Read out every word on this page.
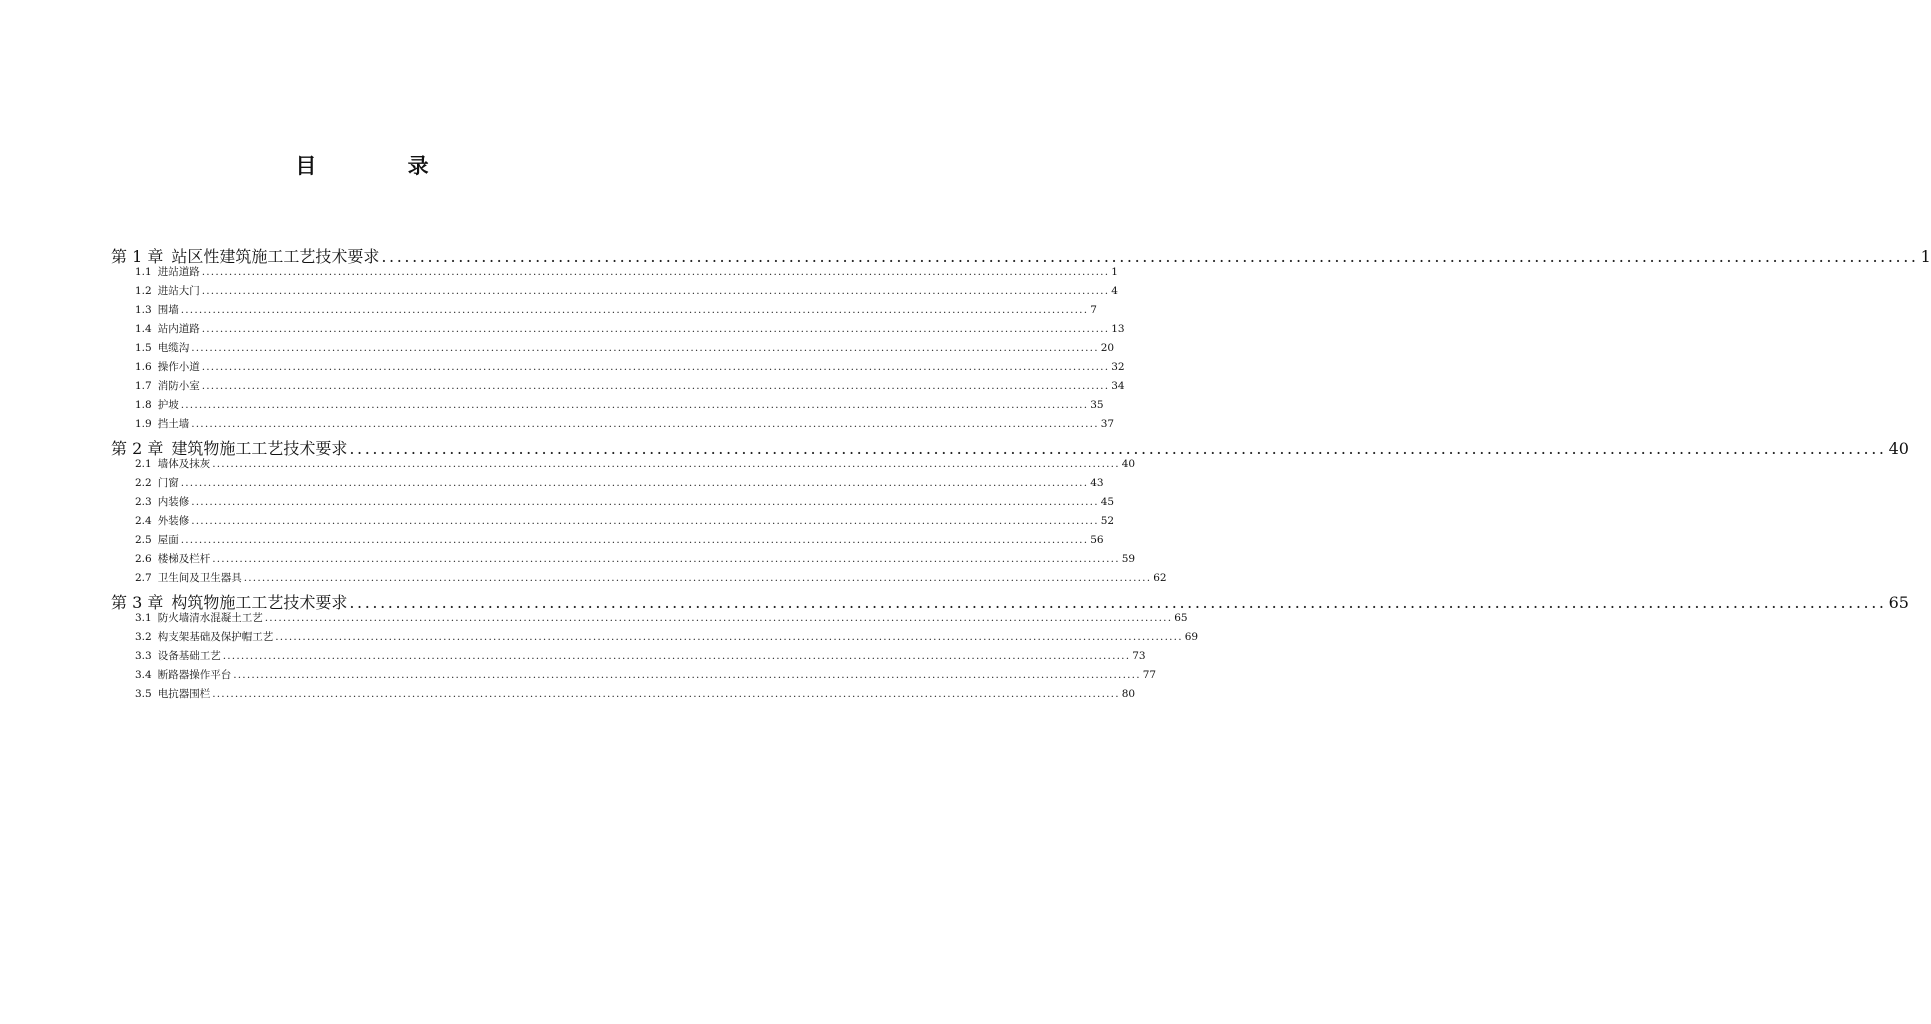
目 录
第 1 章 站区性建筑施工工艺技术要求 ........................................................................................................................................................................................................ 1
1.1 进站道路 ........................................................................................................................................................................................................ 1
1.2 进站大门 ........................................................................................................................................................................................................ 4
1.3 围墙 ........................................................................................................................................................................................................ 7
1.4 站内道路 ........................................................................................................................................................................................................ 13
1.5 电缆沟 ........................................................................................................................................................................................................ 20
1.6 操作小道 ........................................................................................................................................................................................................ 32
1.7 消防小室 ........................................................................................................................................................................................................ 34
1.8 护坡 ........................................................................................................................................................................................................ 35
1.9 挡土墙 ........................................................................................................................................................................................................ 37
第 2 章 建筑物施工工艺技术要求 ........................................................................................................................................................................................................ 40
2.1 墙体及抹灰 ........................................................................................................................................................................................................ 40
2.2 门窗 ........................................................................................................................................................................................................ 43
2.3 内装修 ........................................................................................................................................................................................................ 45
2.4 外装修 ........................................................................................................................................................................................................ 52
2.5 屋面 ........................................................................................................................................................................................................ 56
2.6 楼梯及栏杆 ........................................................................................................................................................................................................ 59
2.7 卫生间及卫生器具 ........................................................................................................................................................................................................ 62
第 3 章 构筑物施工工艺技术要求 ........................................................................................................................................................................................................ 65
3.1 防火墙清水混凝土工艺 ........................................................................................................................................................................................................ 65
3.2 构支架基础及保护帽工艺 ........................................................................................................................................................................................................ 69
3.3 设备基础工艺 ........................................................................................................................................................................................................ 73
3.4 断路器操作平台 ........................................................................................................................................................................................................ 77
3.5 电抗器围栏 ........................................................................................................................................................................................................ 80
